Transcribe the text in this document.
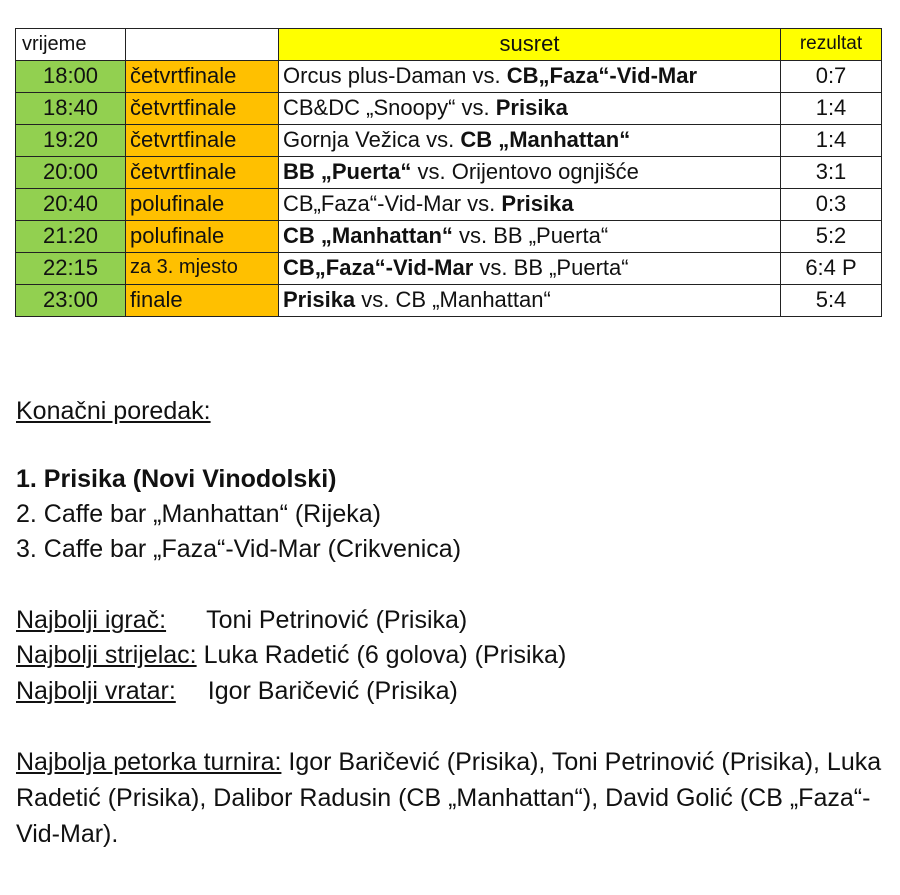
vrijeme		susret	rezultat
18:00	četvrtfinale	Orcus plus-Daman vs. CB„Faza“-Vid-Mar	0:7
18:40	četvrtfinale	CB&DC „Snoopy“ vs. Prisika	1:4
19:20	četvrtfinale	Gornja Vežica vs. CB „Manhattan“	1:4
20:00	četvrtfinale	BB „Puerta“ vs. Orijentovo ognjišće	3:1
20:40	polufinale	CB„Faza“-Vid-Mar vs. Prisika	0:3
21:20	polufinale	CB „Manhattan“ vs. BB „Puerta“	5:2
22:15	za 3. mjesto	CB„Faza“-Vid-Mar vs. BB „Puerta“	6:4 P
23:00	finale	Prisika vs. CB „Manhattan“	5:4
Konačni poredak:
1. Prisika (Novi Vinodolski)
2. Caffe bar „Manhattan“ (Rijeka)
3. Caffe bar „Faza“-Vid-Mar (Crikvenica)
Najbolji igrač: Toni Petrinović (Prisika)
Najbolji strijelac: Luka Radetić (6 golova) (Prisika)
Najbolji vratar: Igor Baričević (Prisika)
Najbolja petorka turnira: Igor Baričević (Prisika), Toni Petrinović (Prisika), Luka Radetić (Prisika), Dalibor Radusin (CB „Manhattan“), David Golić (CB „Faza“-Vid-Mar).
